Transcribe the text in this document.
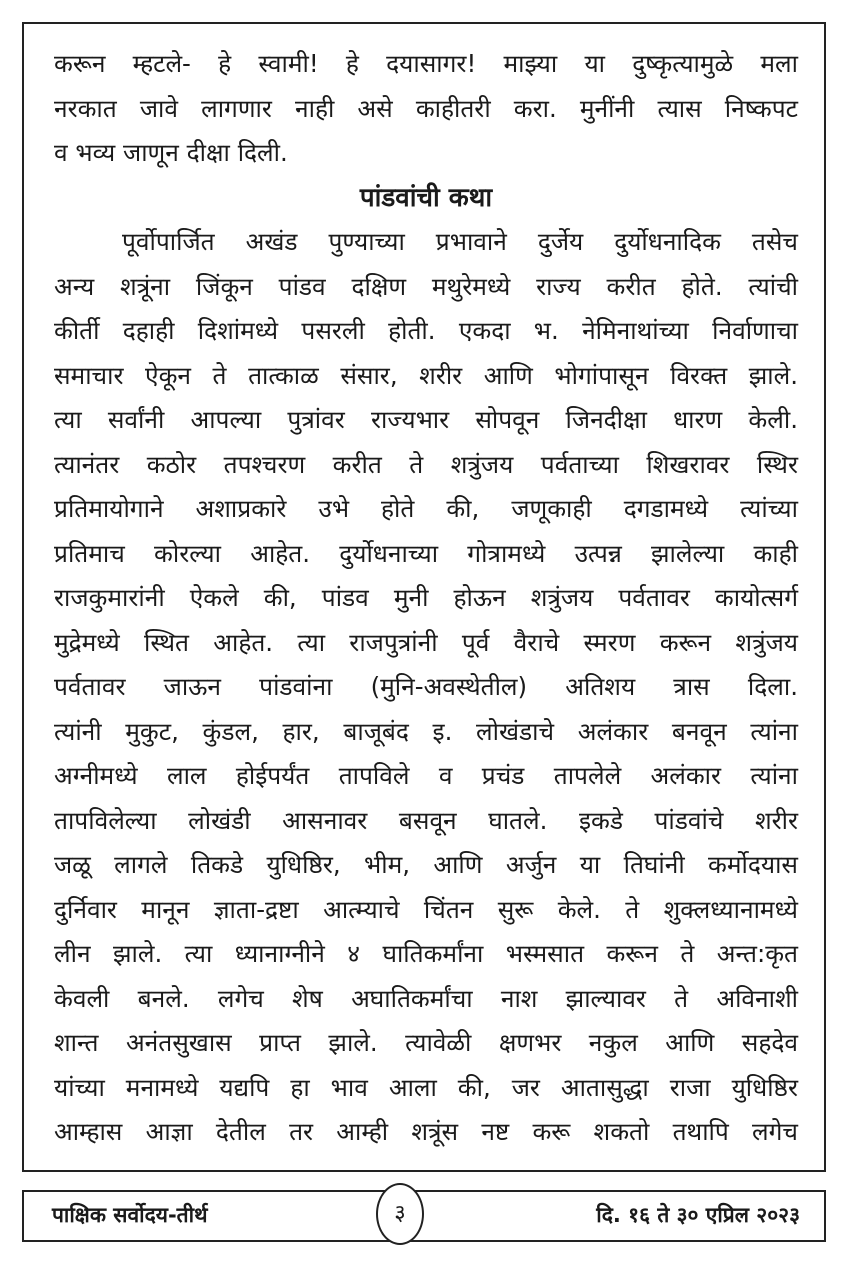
करून म्हटले- हे स्वामी! हे दयासागर! माझ्या या दुष्कृत्यामुळे मला
नरकात जावे लागणार नाही असे काहीतरी करा. मुनींनी त्यास निष्कपट
व भव्य जाणून दीक्षा दिली.
पांडवांची कथा
पूर्वोपार्जित अखंड पुण्याच्या प्रभावाने दुर्जेय दुर्योधनादिक तसेच
अन्य शत्रूंना जिंकून पांडव दक्षिण मथुरेमध्ये राज्य करीत होते. त्यांची
कीर्ती दहाही दिशांमध्ये पसरली होती. एकदा भ. नेमिनाथांच्या निर्वाणाचा
समाचार ऐकून ते तात्काळ संसार, शरीर आणि भोगांपासून विरक्त झाले.
त्या सर्वांनी आपल्या पुत्रांवर राज्यभार सोपवून जिनदीक्षा धारण केली.
त्यानंतर कठोर तपश्चरण करीत ते शत्रुंजय पर्वताच्या शिखरावर स्थिर
प्रतिमायोगाने अशाप्रकारे उभे होते की, जणूकाही दगडामध्ये त्यांच्या
प्रतिमाच कोरल्या आहेत. दुर्योधनाच्या गोत्रामध्ये उत्पन्न झालेल्या काही
राजकुमारांनी ऐकले की, पांडव मुनी होऊन शत्रुंजय पर्वतावर कायोत्सर्ग
मुद्रेमध्ये स्थित आहेत. त्या राजपुत्रांनी पूर्व वैराचे स्मरण करून शत्रुंजय
पर्वतावर जाऊन पांडवांना (मुनि-अवस्थेतील) अतिशय त्रास दिला.
त्यांनी मुकुट, कुंडल, हार, बाजूबंद इ. लोखंडाचे अलंकार बनवून त्यांना
अग्नीमध्ये लाल होईपर्यंत तापविले व प्रचंड तापलेले अलंकार त्यांना
तापविलेल्या लोखंडी आसनावर बसवून घातले. इकडे पांडवांचे शरीर
जळू लागले तिकडे युधिष्ठिर, भीम, आणि अर्जुन या तिघांनी कर्मोदयास
दुर्निवार मानून ज्ञाता-द्रष्टा आत्म्याचे चिंतन सुरू केले. ते शुक्लध्यानामध्ये
लीन झाले. त्या ध्यानाग्नीने ४ घातिकर्मांना भस्मसात करून ते अन्त:कृत
केवली बनले. लगेच शेष अघातिकर्मांचा नाश झाल्यावर ते अविनाशी
शान्त अनंतसुखास प्राप्त झाले. त्यावेळी क्षणभर नकुल आणि सहदेव
यांच्या मनामध्ये यद्यपि हा भाव आला की, जर आतासुद्धा राजा युधिष्ठिर
आम्हास आज्ञा देतील तर आम्ही शत्रूंस नष्ट करू शकतो तथापि लगेच
पाक्षिक सर्वोदय-तीर्थ	दि. १६ ते ३० एप्रिल २०२३
३
